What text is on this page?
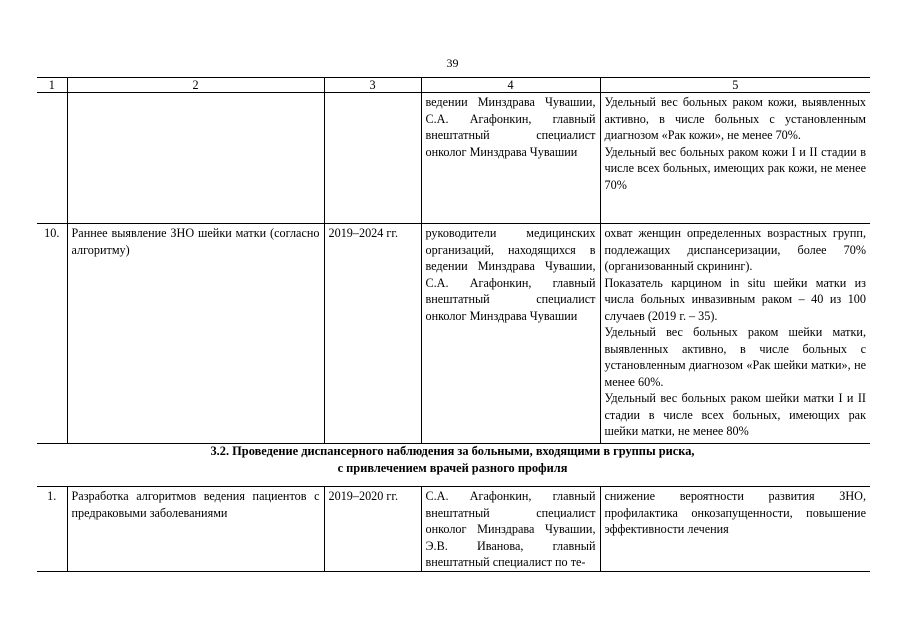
39
1	2	3	4	5
			ведении Минздрава Чувашии, С.А. Агафонкин, главный внештатный специалист онколог Минздрава Чувашии	Удельный вес больных раком кожи, выявленных активно, в числе больных с установленным диагнозом «Рак кожи», не менее 70%.

Удельный вес больных раком кожи I и II стадии в числе всех больных, имеющих рак кожи, не менее 70%

10.	Раннее выявление ЗНО шейки матки (согласно алгоритму)	2019–2024 гг.	руководители медицинских организаций, находящихся в ведении Минздрава Чувашии, С.А. Агафонкин, главный внештатный специалист онколог Минздрава Чувашии	охват женщин определенных возрастных групп, подлежащих диспансеризации, более 70% (организованный скрининг).

Показатель карцином in situ шейки матки из числа больных инвазивным раком – 40 из 100 случаев (2019 г. – 35).

Удельный вес больных раком шейки матки, выявленных активно, в числе больных с установленным диагнозом «Рак шейки матки», не менее 60%.

Удельный вес больных раком шейки матки I и II стадии в числе всех больных, имеющих рак шейки матки, не менее 80%

3.2. Проведение диспансерного наблюдения за больными, входящими в группы риска,
с привлечением врачей разного профиля
1.	Разработка алгоритмов ведения пациентов с предраковыми заболеваниями	2019–2020 гг.	С.А. Агафонкин, главный внештатный специалист онколог Минздрава Чувашии, Э.В. Иванова, главный внештатный специалист по те-	снижение вероятности развития ЗНО, профилактика онкозапущенности, повышение эффективности лечения
